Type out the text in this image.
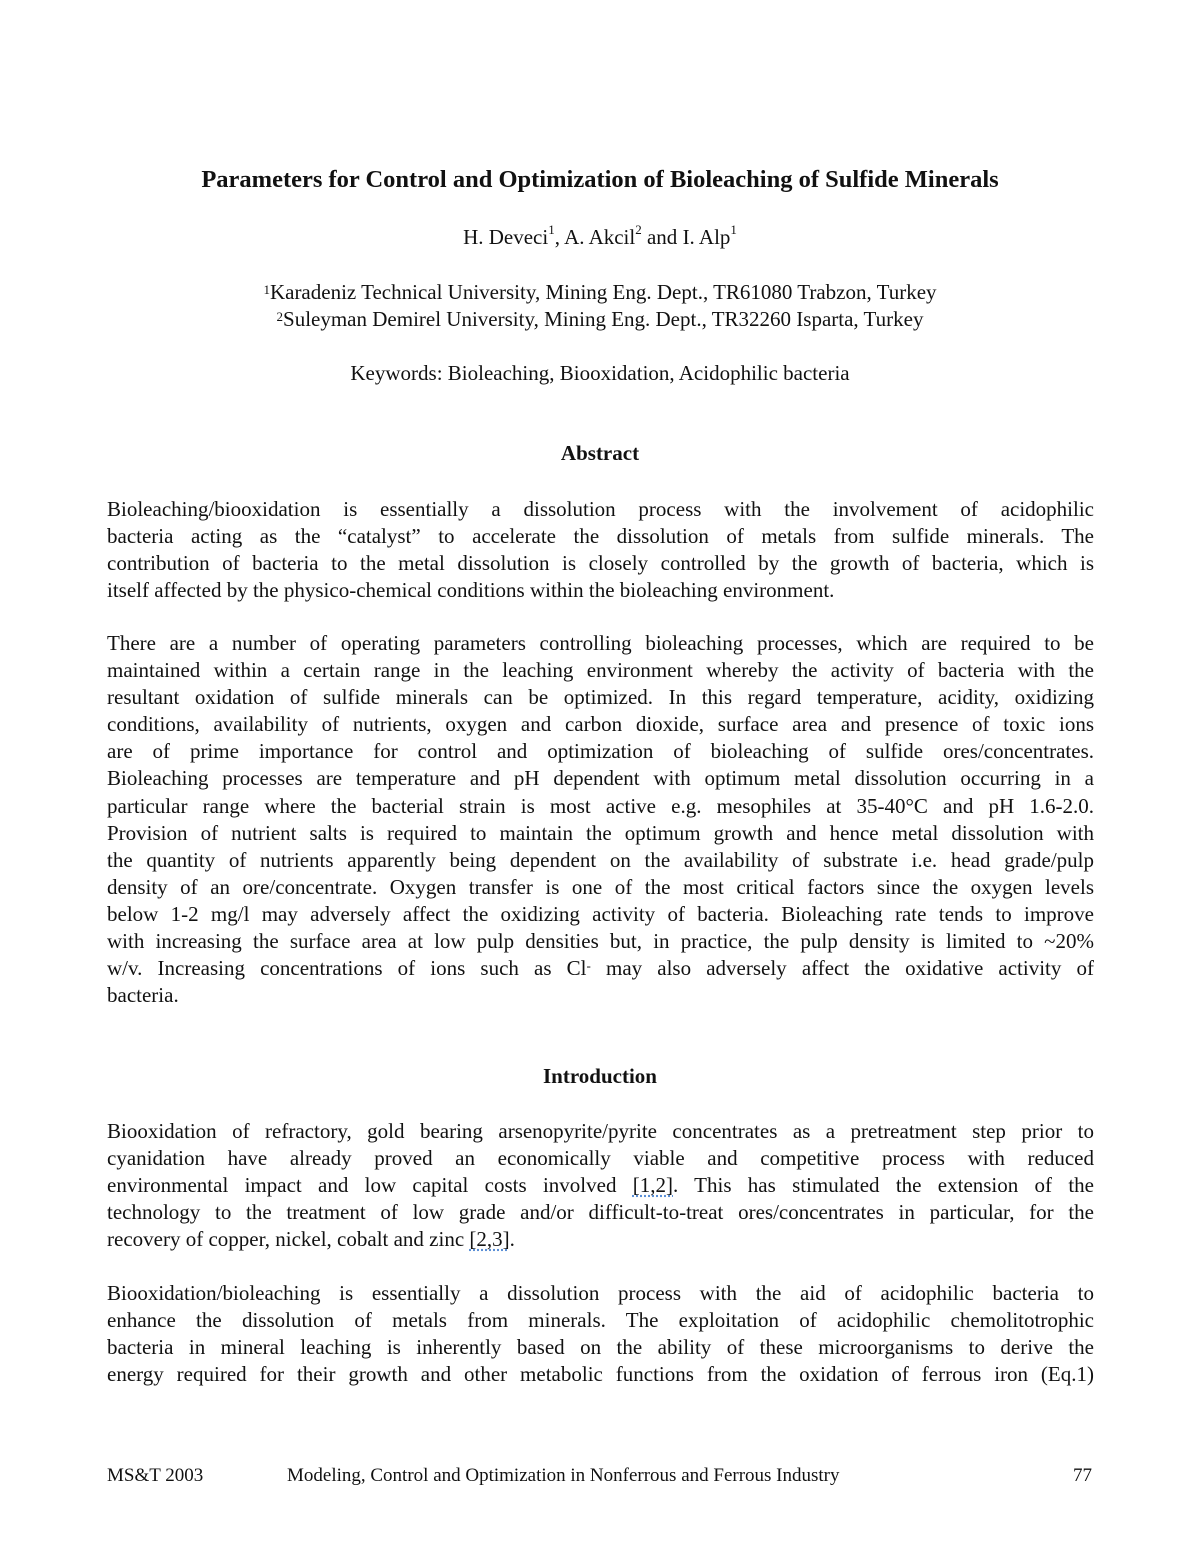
Parameters for Control and Optimization of Bioleaching of Sulfide Minerals
H. Deveci$^1$, A. Akcil$^2$ and I. Alp$^1$
$^1$Karadeniz Technical University, Mining Eng. Dept., TR61080 Trabzon, Turkey
$^2$Suleyman Demirel University, Mining Eng. Dept., TR32260 Isparta, Turkey
Keywords: Bioleaching, Biooxidation, Acidophilic bacteria
Abstract
Bioleaching/biooxidation is essentially a dissolution process with the involvement of acidophilic
bacteria acting as the “catalyst” to accelerate the dissolution of metals from sulfide minerals. The
contribution of bacteria to the metal dissolution is closely controlled by the growth of bacteria, which is
itself affected by the physico-chemical conditions within the bioleaching environment.
There are a number of operating parameters controlling bioleaching processes, which are required to be
maintained within a certain range in the leaching environment whereby the activity of bacteria with the
resultant oxidation of sulfide minerals can be optimized. In this regard temperature, acidity, oxidizing
conditions, availability of nutrients, oxygen and carbon dioxide, surface area and presence of toxic ions
are of prime importance for control and optimization of bioleaching of sulfide ores/concentrates.
Bioleaching processes are temperature and pH dependent with optimum metal dissolution occurring in a
particular range where the bacterial strain is most active e.g. mesophiles at 35-40°C and pH 1.6-2.0.
Provision of nutrient salts is required to maintain the optimum growth and hence metal dissolution with
the quantity of nutrients apparently being dependent on the availability of substrate i.e. head grade/pulp
density of an ore/concentrate. Oxygen transfer is one of the most critical factors since the oxygen levels
below 1-2 mg/l may adversely affect the oxidizing activity of bacteria. Bioleaching rate tends to improve
with increasing the surface area at low pulp densities but, in practice, the pulp density is limited to ~20%
w/v. Increasing concentrations of ions such as Cl- may also adversely affect the oxidative activity of
bacteria.
Introduction
Biooxidation of refractory, gold bearing arsenopyrite/pyrite concentrates as a pretreatment step prior to
cyanidation have already proved an economically viable and competitive process with reduced
environmental impact and low capital costs involved [1,2]. This has stimulated the extension of the
technology to the treatment of low grade and/or difficult-to-treat ores/concentrates in particular, for the
recovery of copper, nickel, cobalt and zinc [2,3].
Biooxidation/bioleaching is essentially a dissolution process with the aid of acidophilic bacteria to
enhance the dissolution of metals from minerals. The exploitation of acidophilic chemolitotrophic
bacteria in mineral leaching is inherently based on the ability of these microorganisms to derive the
energy required for their growth and other metabolic functions from the oxidation of ferrous iron (Eq.1)
MS&T 2003	Modeling, Control and Optimization in Nonferrous and Ferrous Industry	77
